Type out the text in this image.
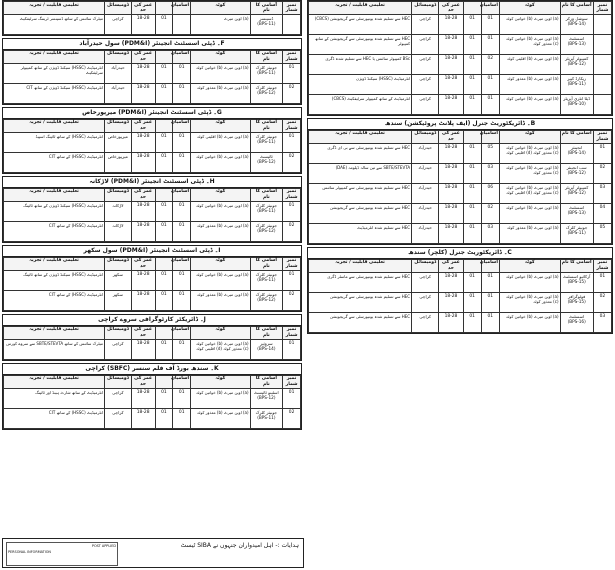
نمبر شمار	آسامی کا نام	کوٹہ	اسامیاں		عمر کی حد	ڈومیسائل	تعلیمی قابلیت / تجربہ

	ڈسپنسر
(BPS-11)	(a) اوپن میرٹ		01	18-28	کراچی	میٹرک سائنس کے ساتھ ڈسپنسر ٹریننگ سرٹیفکیٹ
F۔ ڈپٹی اسسٹنٹ انجینئر (PDM&I) سول حیدرآباد
نمبر شمار	آسامی کا نام	کوٹہ	اسامیاں		عمر کی حد	ڈومیسائل	تعلیمی قابلیت / تجربہ
01	جونیئر کلرک
(BPS-11)	(a) اوپن میرٹ (b) خواتین کوٹہ	01	01	18-28	حیدرآباد	انٹرمیڈیٹ (HSSC) سیکنڈ ڈویژن کے ساتھ کمپیوٹر سرٹیفکیٹ
02	جونیئر کلرک
(BPS-12)	(a) اوپن میرٹ (b) معذور کوٹہ	01	01	18-28	حیدرآباد	انٹرمیڈیٹ (HSSC) سیکنڈ ڈویژن کے ساتھ CIT
G۔ ڈپٹی اسسٹنٹ انجینئر (PDM&I) میرپورخاص
نمبر شمار	آسامی کا نام	کوٹہ	اسامیاں		عمر کی حد	ڈومیسائل	تعلیمی قابلیت / تجربہ
01	جونیئر کلرک
(BPS-11)	(a) اوپن میرٹ (b) اقلیتی کوٹہ	01	01	18-28	میرپورخاص	انٹرمیڈیٹ (HSSC) کے ساتھ ٹائپنگ اسپیڈ
02	ٹائپسٹ
(BPS-12)	(a) اوپن میرٹ (b) خواتین کوٹہ	01	01	18-28	میرپورخاص	انٹرمیڈیٹ (HSSC) کے ساتھ CIT
H۔ ڈپٹی اسسٹنٹ انجینئر (PDM&I) لاڑکانہ
نمبر شمار	آسامی کا نام	کوٹہ	اسامیاں		عمر کی حد	ڈومیسائل	تعلیمی قابلیت / تجربہ
01	جونیئر کلرک
(BPS-11)	(a) اوپن میرٹ (b) خواتین کوٹہ	01	01	18-28	لاڑکانہ	انٹرمیڈیٹ (HSSC) سیکنڈ ڈویژن کے ساتھ ٹائپنگ
02	جونیئر کلرک
(BPS-12)	(a) اوپن میرٹ (b) معذور کوٹہ	01	01	18-28	لاڑکانہ	انٹرمیڈیٹ (HSSC) کے ساتھ CIT
I۔ ڈپٹی اسسٹنٹ انجینئر (PDM&I) سول سکھر
نمبر شمار	آسامی کا نام	کوٹہ	اسامیاں		عمر کی حد	ڈومیسائل	تعلیمی قابلیت / تجربہ
01	جونیئر کلرک
(BPS-11)	(a) اوپن میرٹ (b) خواتین کوٹہ	01	01	18-28	سکھر	انٹرمیڈیٹ (HSSC) سیکنڈ ڈویژن کے ساتھ ٹائپنگ
02	جونیئر کلرک
(BPS-12)	(a) اوپن میرٹ (b) معذور کوٹہ	01	01	18-28	سکھر	انٹرمیڈیٹ (HSSC) کے ساتھ CIT
J۔ ڈائریکٹر کارٹوگرافی سروے کراچی
نمبر شمار	آسامی کا نام	کوٹہ	اسامیاں		عمر کی حد	ڈومیسائل	تعلیمی قابلیت / تجربہ
01	سروئیر
(BPS-14)	(a) اوپن میرٹ (b) خواتین کوٹہ (c) معذور کوٹہ (d) اقلیتی کوٹہ	01	01	18-28	کراچی	میٹرک سائنس کے ساتھ SBTE/STEVTA سے سروے کورس
K۔ سندھ بورڈ آف فلم سنسر (SBFC) کراچی
نمبر شمار	آسامی کا نام	کوٹہ	اسامیاں		عمر کی حد	ڈومیسائل	تعلیمی قابلیت / تجربہ
01	اسٹینو ٹائپسٹ
(BPS-12)	(a) اوپن میرٹ (b) خواتین کوٹہ	01	01	18-28	کراچی	انٹرمیڈیٹ کے ساتھ شارٹ ہینڈ اور ٹائپنگ
02	جونیئر کلرک
(BPS-11)	(a) اوپن میرٹ (b) معذور کوٹہ	01	01	18-28	کراچی	انٹرمیڈیٹ (HSSC) کے ساتھ CIT
نمبر شمار	آسامی کا نام	کوٹہ	اسامیاں		عمر کی حد	ڈومیسائل	تعلیمی قابلیت / تجربہ

	سوشل ورکر
(BPS-14)	(a) اوپن میرٹ (b) خواتین کوٹہ	01	01	18-28	کراچی	HEC سے تسلیم شدہ یونیورسٹی سے گریجویشن (CBCS)

	اسسٹنٹ
(BPS-13)	(a) اوپن میرٹ (b) خواتین کوٹہ (c) معذور کوٹہ	01	01	18-28	کراچی	HEC سے تسلیم شدہ یونیورسٹی سے گریجویشن کے ساتھ کمپیوٹر

	کمپیوٹر آپریٹر
(BPS-12)	(a) اوپن میرٹ (b) اقلیتی کوٹہ	02	01	18-28	کراچی	BSc کمپیوٹر سائنس یا HEC سے تسلیم شدہ ڈگری

	ریکارڈ کیپر
(BPS-11)	(a) اوپن میرٹ (b) معذور کوٹہ	01	01	18-28	کراچی	انٹرمیڈیٹ (HSSC) سیکنڈ ڈویژن

	ڈیٹا انٹری آپریٹر
(BPS-10)	(a) اوپن میرٹ (b) خواتین کوٹہ	01	01	18-28	کراچی	انٹرمیڈیٹ کے ساتھ کمپیوٹر سرٹیفکیٹ (CBCS)
B۔ ڈائریکٹوریٹ جنرل (ایف پلانٹ پروٹیکشن) سندھ
نمبر شمار	آسامی کا نام	کوٹہ	اسامیاں		عمر کی حد	ڈومیسائل	تعلیمی قابلیت / تجربہ
01	انجینئر
(BPS-14)	(a) اوپن میرٹ (b) خواتین کوٹہ (c) معذور کوٹہ (d) اقلیتی کوٹہ	05	01	18-28	حیدرآباد	HEC سے تسلیم شدہ یونیورسٹی سے بی ای ڈگری
02	سب انجینئر
(BPS-12)	(a) اوپن میرٹ (b) خواتین کوٹہ (c) معذور کوٹہ	03	01	18-28	حیدرآباد	SBTE/STEVTA سے تین سالہ ڈپلومہ (DAE)
03	کمپیوٹر آپریٹر
(BPS-12)	(a) اوپن میرٹ (b) خواتین کوٹہ (c) معذور کوٹہ (d) اقلیتی کوٹہ	06	01	18-28	حیدرآباد	HEC سے تسلیم شدہ یونیورسٹی سے کمپیوٹر سائنس
04	اسسٹنٹ
(BPS-13)	(a) اوپن میرٹ (b) خواتین کوٹہ	02	01	18-28	حیدرآباد	HEC سے تسلیم شدہ یونیورسٹی سے گریجویشن
05	جونیئر کلرک
(BPS-11)	(a) اوپن میرٹ (b) معذور کوٹہ	03	01	18-28	حیدرآباد	HEC سے تسلیم شدہ انٹرمیڈیٹ
C۔ ڈائریکٹوریٹ جنرل (کلچر) سندھ
نمبر شمار	آسامی کا نام	کوٹہ	اسامیاں		عمر کی حد	ڈومیسائل	تعلیمی قابلیت / تجربہ
01	آرکائیو اسسٹنٹ
(BPS-15)	(a) اوپن میرٹ (b) خواتین کوٹہ	01	01	18-28	کراچی	HEC سے تسلیم شدہ یونیورسٹی سے ماسٹر ڈگری
02	فوٹوگرافر
(BPS-15)	(a) اوپن میرٹ (b) خواتین کوٹہ (c) معذور کوٹہ	01	01	18-28	کراچی	HEC سے تسلیم شدہ یونیورسٹی سے گریجویشن
03	اسسٹنٹ
(BPS-16)	(a) اوپن میرٹ (b) خواتین کوٹہ	01	01	18-28	کراچی	HEC سے تسلیم شدہ یونیورسٹی سے گریجویشن
ہدایات :- اہل امیدواران جنہوں نے SIBA ٹیسٹ
POST APPLIED
PERSONAL INFORMATION
